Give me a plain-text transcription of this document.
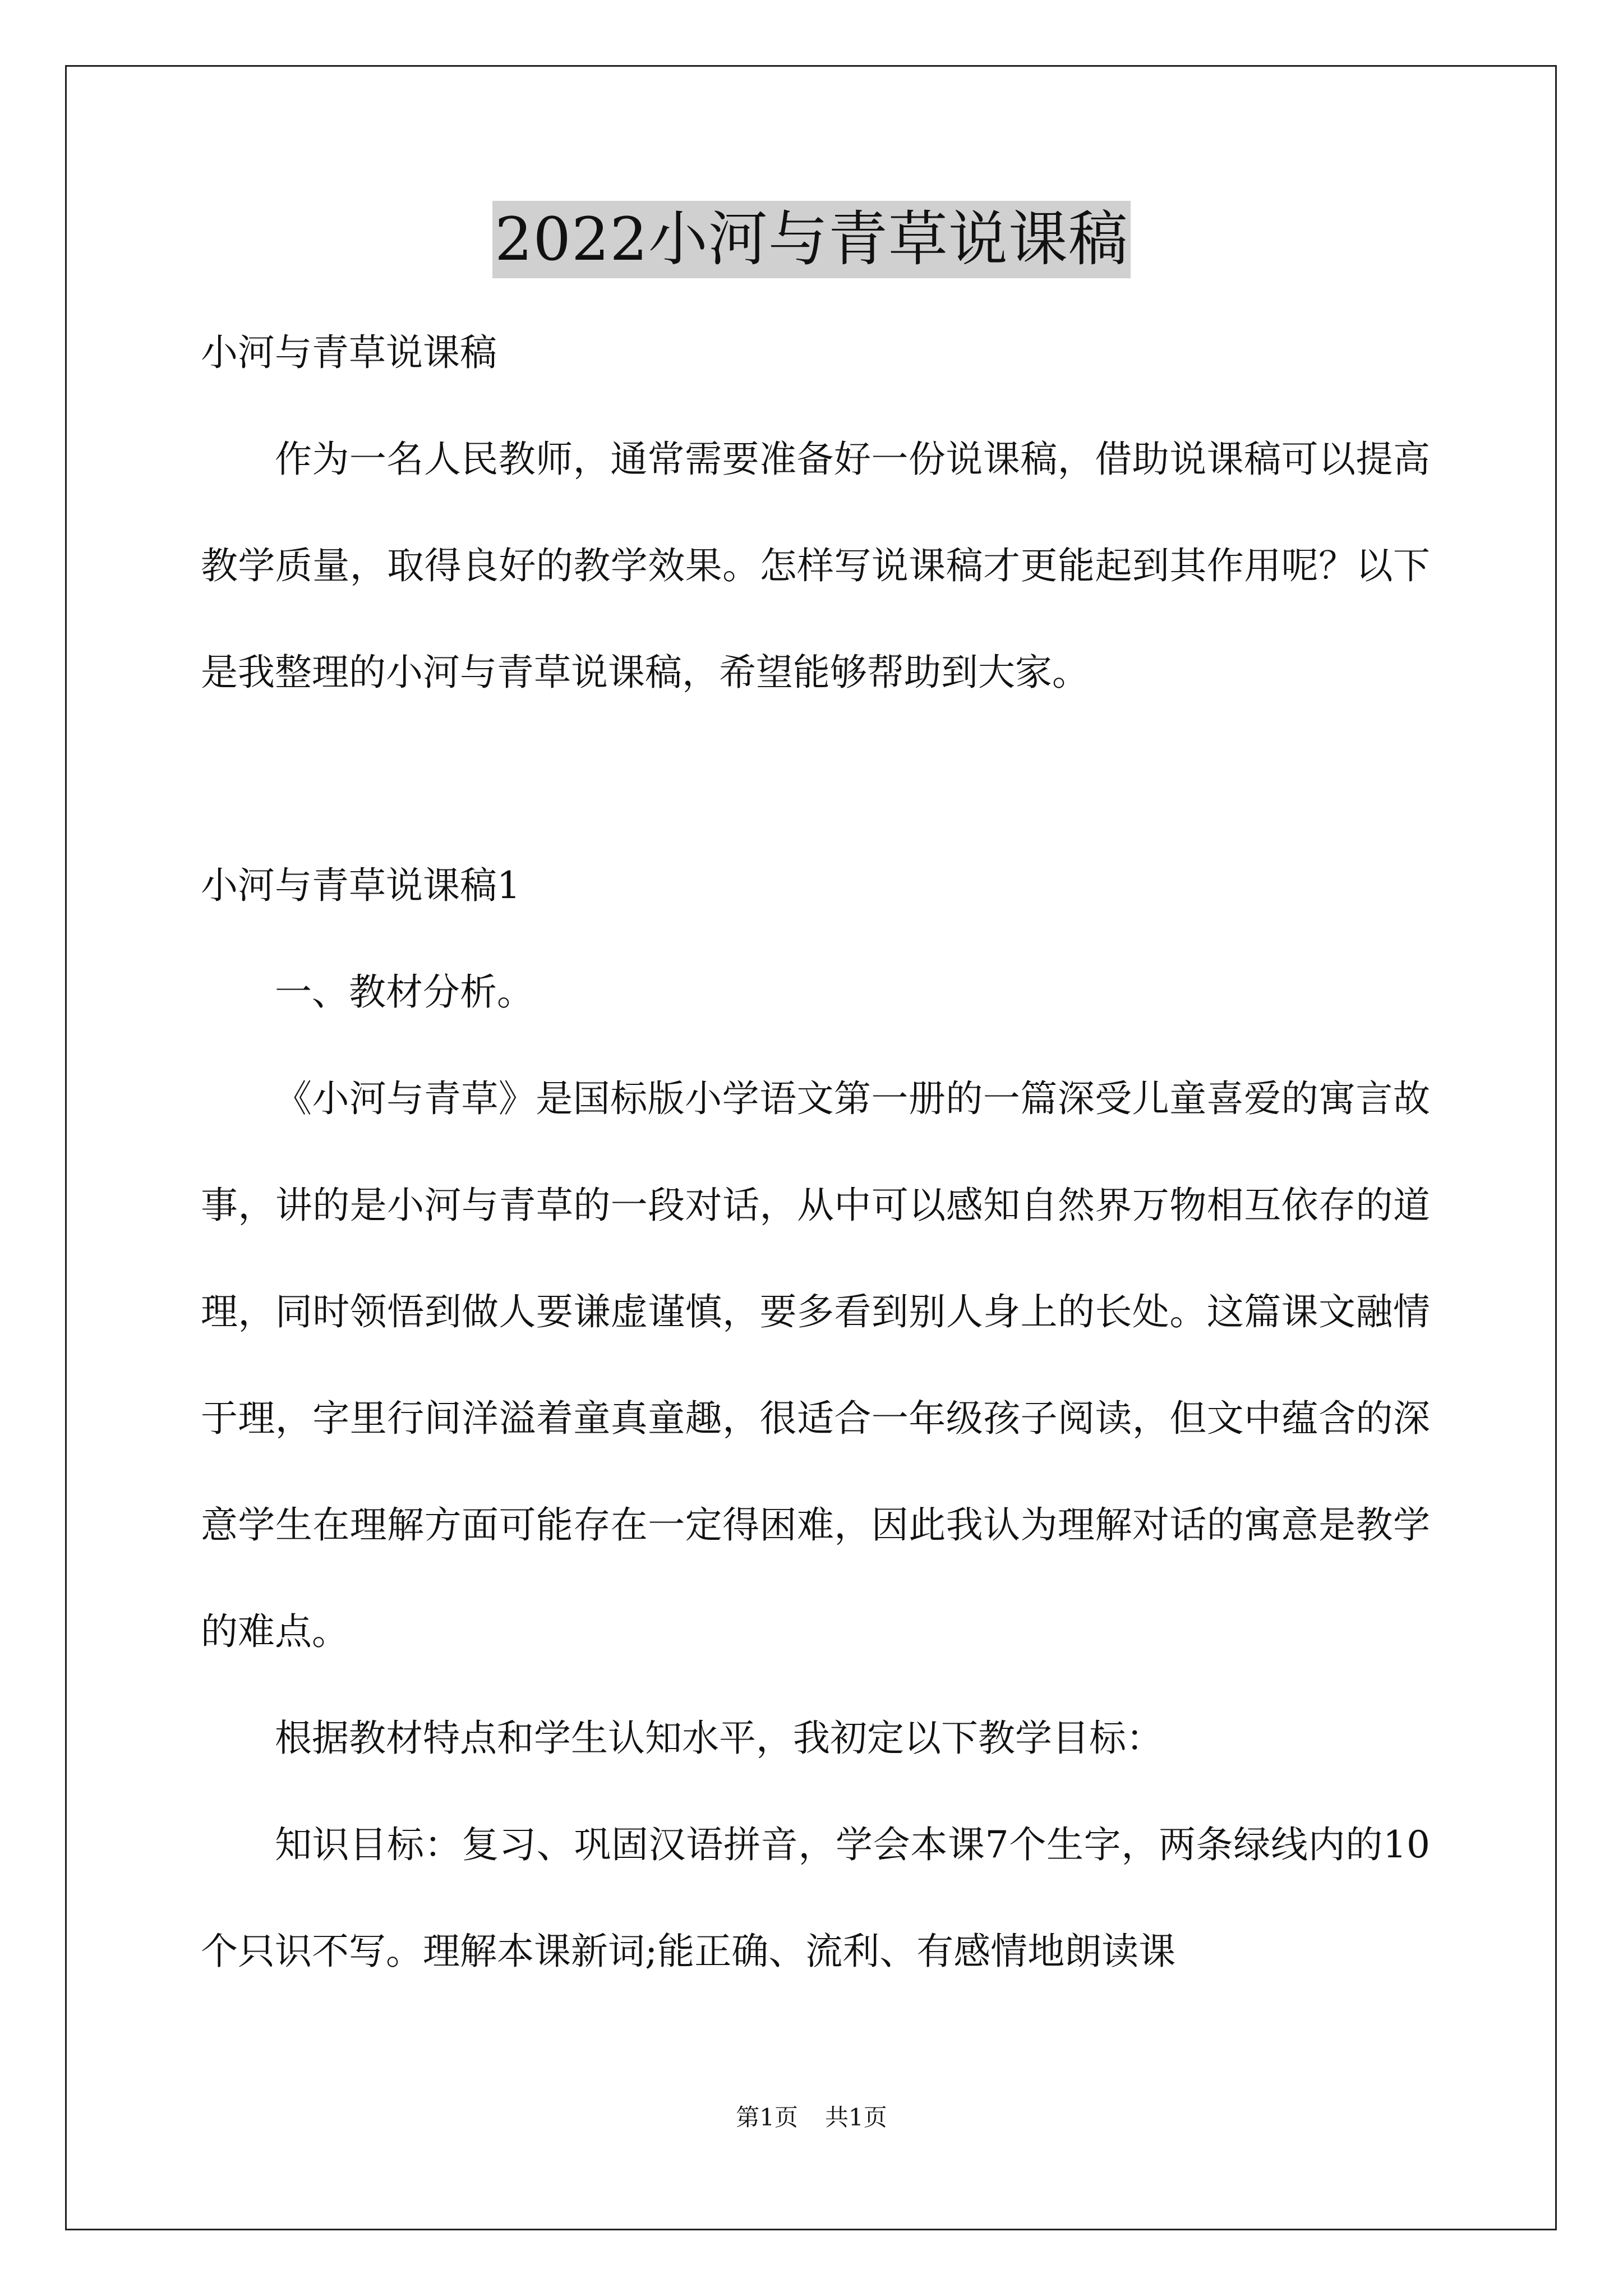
2022小河与青草说课稿

小河与青草说课稿

作为一名人民教师，通常需要准备好一份说课稿，借助说课稿可以提高教学质量，取得良好的教学效果。怎样写说课稿才更能起到其作用呢？以下是我整理的小河与青草说课稿，希望能够帮助到大家。

小河与青草说课稿1

一、教材分析。

《小河与青草》是国标版小学语文第一册的一篇深受儿童喜爱的寓言故事，讲的是小河与青草的一段对话，从中可以感知自然界万物相互依存的道理，同时领悟到做人要谦虚谨慎，要多看到别人身上的长处。这篇课文融情于理，字里行间洋溢着童真童趣，很适合一年级孩子阅读，但文中蕴含的深意学生在理解方面可能存在一定得困难，因此我认为理解对话的寓意是教学的难点。

根据教材特点和学生认知水平，我初定以下教学目标：

知识目标：复习、巩固汉语拼音，学会本课7个生字，两条绿线内的10个只识不写。理解本课新词;能正确、流利、有感情地朗读课

第1页 共1页
